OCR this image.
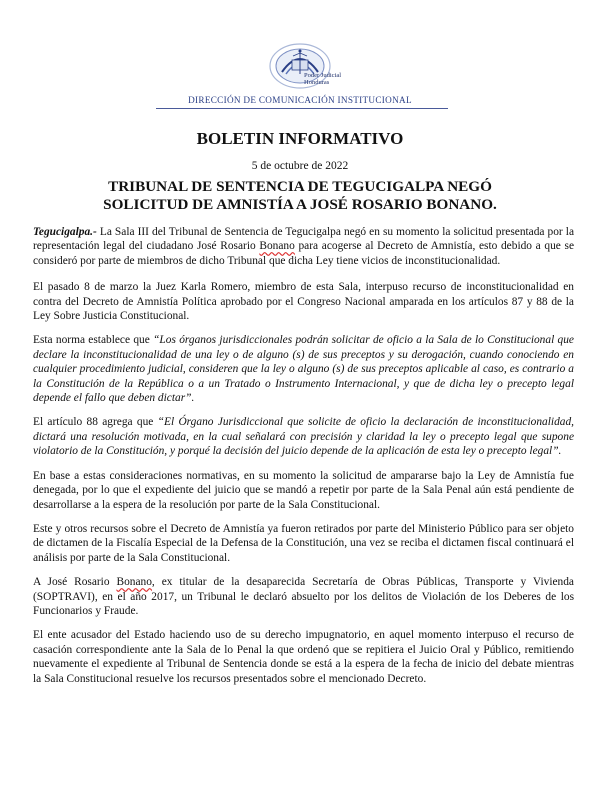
Poder Judicial
Honduras
DIRECCIÓN DE COMUNICACIÓN INSTITUCIONAL
BOLETIN INFORMATIVO
5 de octubre de 2022
TRIBUNAL DE SENTENCIA DE TEGUCIGALPA NEGÓ
SOLICITUD DE AMNISTÍA A JOSÉ ROSARIO BONANO.

Tegucigalpa.- La Sala III del Tribunal de Sentencia de Tegucigalpa negó en su momento la solicitud presentada por la representación legal del ciudadano José Rosario Bonano para acogerse al Decreto de Amnistía, esto debido a que se consideró por parte de miembros de dicho Tribunal que dicha Ley tiene vicios de inconstitucionalidad.

El pasado 8 de marzo la Juez Karla Romero, miembro de esta Sala, interpuso recurso de inconstitucionalidad en contra del Decreto de Amnistía Política aprobado por el Congreso Nacional amparada en los artículos 87 y 88 de la Ley Sobre Justicia Constitucional.

Esta norma establece que “Los órganos jurisdiccionales podrán solicitar de oficio a la Sala de lo Constitucional que declare la inconstitucionalidad de una ley o de alguno (s) de sus preceptos y su derogación, cuando conociendo en cualquier procedimiento judicial, consideren que la ley o alguno (s) de sus preceptos aplicable al caso, es contrario a la Constitución de la República o a un Tratado o Instrumento Internacional, y que de dicha ley o precepto legal depende el fallo que deben dictar”.

El artículo 88 agrega que “El Órgano Jurisdiccional que solicite de oficio la declaración de inconstitucionalidad, dictará una resolución motivada, en la cual señalará con precisión y claridad la ley o precepto legal que supone violatorio de la Constitución, y porqué la decisión del juicio depende de la aplicación de esta ley o precepto legal”.

En base a estas consideraciones normativas, en su momento la solicitud de ampararse bajo la Ley de Amnistía fue denegada, por lo que el expediente del juicio que se mandó a repetir por parte de la Sala Penal aún está pendiente de desarrollarse a la espera de la resolución por parte de la Sala Constitucional.

Este y otros recursos sobre el Decreto de Amnistía ya fueron retirados por parte del Ministerio Público para ser objeto de dictamen de la Fiscalía Especial de la Defensa de la Constitución, una vez se reciba el dictamen fiscal continuará el análisis por parte de la Sala Constitucional.

A José Rosario Bonano, ex titular de la desaparecida Secretaría de Obras Públicas, Transporte y Vivienda (SOPTRAVI), en el año 2017, un Tribunal le declaró absuelto por los delitos de Violación de los Deberes de los Funcionarios y Fraude.

El ente acusador del Estado haciendo uso de su derecho impugnatorio, en aquel momento interpuso el recurso de casación correspondiente ante la Sala de lo Penal la que ordenó que se repitiera el Juicio Oral y Público, remitiendo nuevamente el expediente al Tribunal de Sentencia donde se está a la espera de la fecha de inicio del debate mientras la Sala Constitucional resuelve los recursos presentados sobre el mencionado Decreto.
